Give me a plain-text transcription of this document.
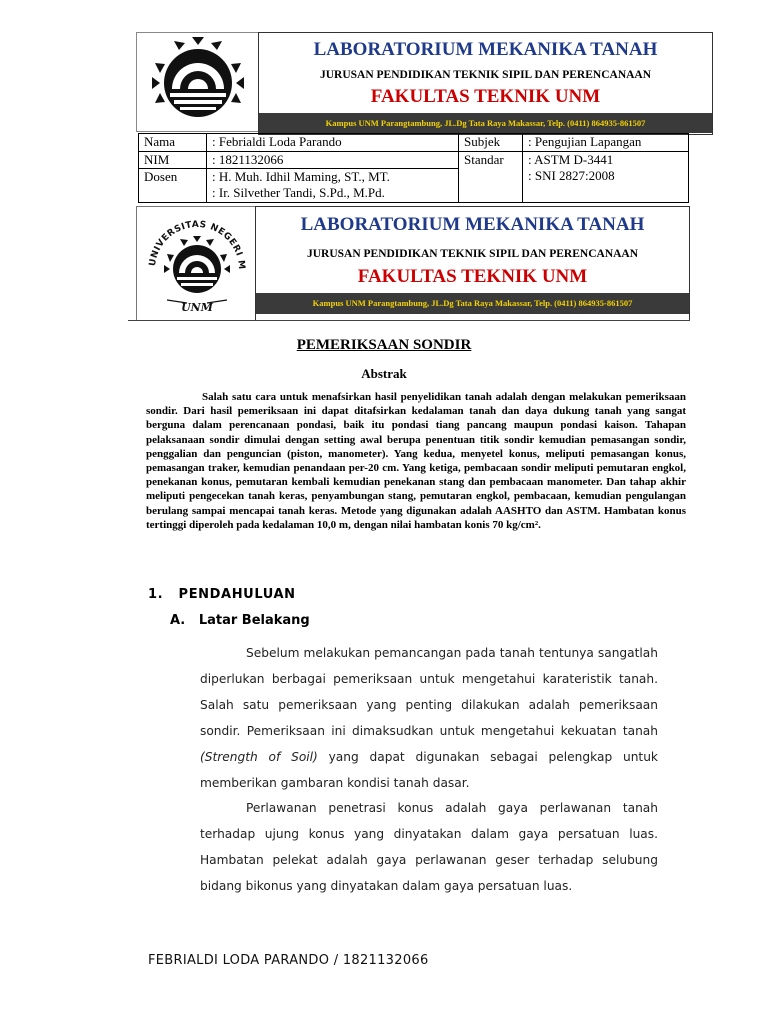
LABORATORIUM MEKANIKA TANAH
JURUSAN PENDIDIKAN TEKNIK SIPIL DAN PERENCANAAN
FAKULTAS TEKNIK UNM
Kampus UNM Parangtambung, JL.Dg Tata Raya Makassar, Telp. (0411) 864935-861507
Nama	: Febrialdi Loda Parando	Subjek	: Pengujian Lapangan
NIM	: 1821132066	Standar	: ASTM D-3441
: SNI 2827:2008

Dosen	: H. Muh. Idhil Maming, ST., MT.
: Ir. Silvether Tandi, S.Pd., M.Pd.		
UNIVERSITAS NEGERI M
UNM
LABORATORIUM MEKANIKA TANAH
JURUSAN PENDIDIKAN TEKNIK SIPIL DAN PERENCANAAN
FAKULTAS TEKNIK UNM
Kampus UNM Parangtambung, JL.Dg Tata Raya Makassar, Telp. (0411) 864935-861507
PEMERIKSAAN SONDIR
Abstrak

Salah satu cara untuk menafsirkan hasil penyelidikan tanah adalah dengan melakukan pemeriksaan sondir. Dari hasil pemeriksaan ini dapat ditafsirkan kedalaman tanah dan daya dukung tanah yang sangat berguna dalam perencanaan pondasi, baik itu pondasi tiang pancang maupun pondasi kaison. Tahapan pelaksanaan sondir dimulai dengan setting awal berupa penentuan titik sondir kemudian pemasangan sondir, penggalian dan penguncian (piston, manometer). Yang kedua, menyetel konus, meliputi pemasangan konus, pemasangan traker, kemudian penandaan per-20 cm. Yang ketiga, pembacaan sondir meliputi pemutaran engkol, penekanan konus, pemutaran kembali kemudian penekanan stang dan pembacaan manometer. Dan tahap akhir meliputi pengecekan tanah keras, penyambungan stang, pemutaran engkol, pembacaan, kemudian pengulangan berulang sampai mencapai tanah keras. Metode yang digunakan adalah AASHTO dan ASTM. Hambatan konus tertinggi diperoleh pada kedalaman 10,0 m, dengan nilai hambatan konis 70 kg/cm².

1.   PENDAHULUAN
A.   Latar Belakang

Sebelum melakukan pemancangan pada tanah tentunya sangatlah diperlukan berbagai pemeriksaan untuk mengetahui karateristik tanah. Salah satu pemeriksaan yang penting dilakukan adalah pemeriksaan sondir. Pemeriksaan ini dimaksudkan untuk mengetahui kekuatan tanah (Strength of Soil) yang dapat digunakan sebagai pelengkap untuk memberikan gambaran kondisi tanah dasar.

Perlawanan penetrasi konus adalah gaya perlawanan tanah terhadap ujung konus yang dinyatakan dalam gaya persatuan luas. Hambatan pelekat adalah gaya perlawanan geser terhadap selubung bidang bikonus yang dinyatakan dalam gaya persatuan luas.

FEBRIALDI LODA PARANDO / 1821132066
